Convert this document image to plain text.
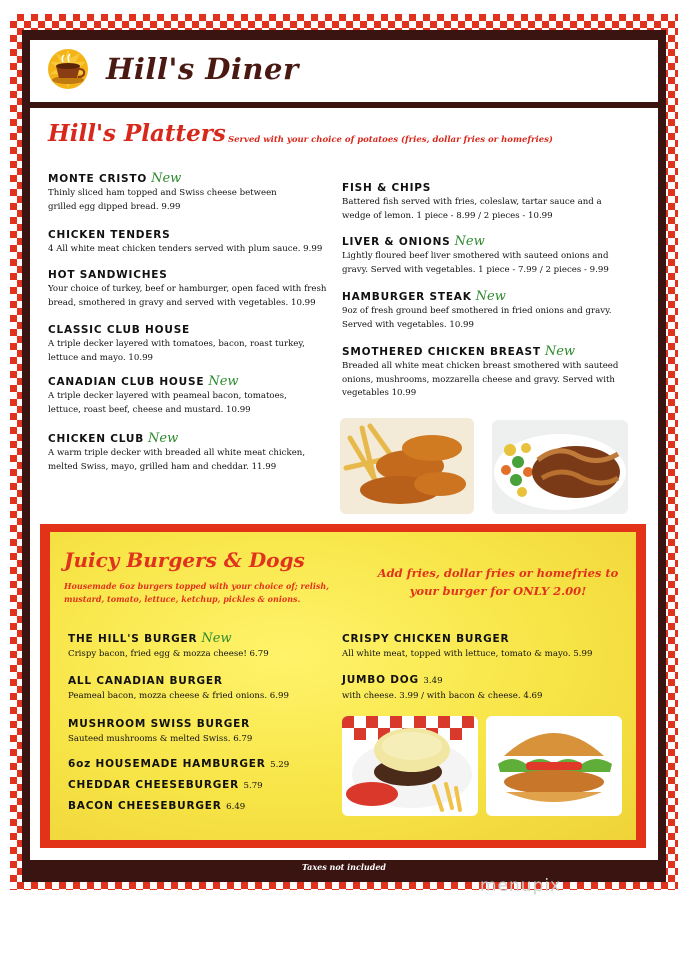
Hill's Diner
Hill's Platters Served with your choice of potatoes (fries, dollar fries or homefries)
MONTE CRISTO New
Thinly sliced ham topped and Swiss cheese between grilled egg dipped bread. 9.99
CHICKEN TENDERS
4 All white meat chicken tenders served with plum sauce. 9.99
HOT SANDWICHES
Your choice of turkey, beef or hamburger, open faced with fresh bread, smothered in gravy and served with vegetables. 10.99
CLASSIC CLUB HOUSE
A triple decker layered with tomatoes, bacon, roast turkey, lettuce and mayo. 10.99
CANADIAN CLUB HOUSE New
A triple decker layered with peameal bacon, tomatoes, lettuce, roast beef, cheese and mustard. 10.99
CHICKEN CLUB New
A warm triple decker with breaded all white meat chicken, melted Swiss, mayo, grilled ham and cheddar. 11.99
FISH & CHIPS
Battered fish served with fries, coleslaw, tartar sauce and a wedge of lemon. 1 piece - 8.99 / 2 pieces - 10.99
LIVER & ONIONS New
Lightly floured beef liver smothered with sauteed onions and gravy. Served with vegetables. 1 piece - 7.99 / 2 pieces - 9.99
HAMBURGER STEAK New
9oz of fresh ground beef smothered in fried onions and gravy. Served with vegetables. 10.99
SMOTHERED CHICKEN BREAST New
Breaded all white meat chicken breast smothered with sauteed onions, mushrooms, mozzarella cheese and gravy. Served with vegetables 10.99
Juicy Burgers & Dogs
Housemade 6oz burgers topped with your choice of; relish, mustard, tomato, lettuce, ketchup, pickles & onions.
Add fries, dollar fries or homefries to your burger for ONLY 2.00!
THE HILL'S BURGER New
Crispy bacon, fried egg & mozza cheese! 6.79
ALL CANADIAN BURGER
Peameal bacon, mozza cheese & fried onions. 6.99
MUSHROOM SWISS BURGER
Sauteed mushrooms & melted Swiss. 6.79
6oz HOUSEMADE HAMBURGER 5.29
CHEDDAR CHEESEBURGER 5.79
BACON CHEESEBURGER 6.49
CRISPY CHICKEN BURGER
All white meat, topped with lettuce, tomato & mayo. 5.99
JUMBO DOG 3.49
with cheese. 3.99 / with bacon & cheese. 4.69
Taxes not included
menupix
